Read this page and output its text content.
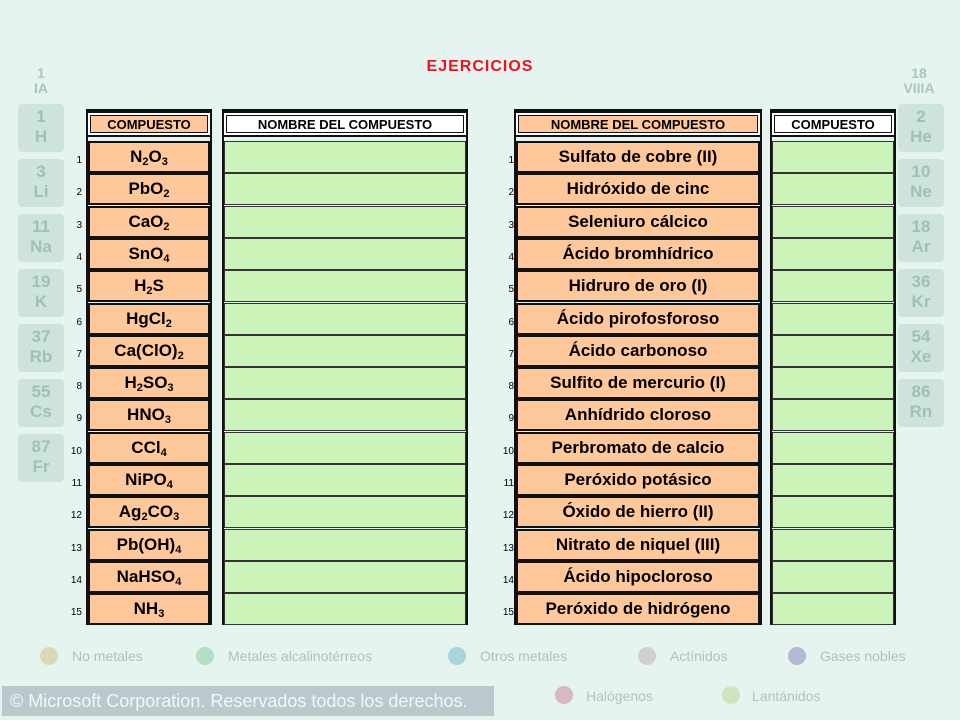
1
IA
18
VIIIA
1
H
3
Li
11
Na
19
K
37
Rb
55
Cs
87
Fr
2
He
10
Ne
18
Ar
36
Kr
54
Xe
86
Rn
No metales	Metales alcalinotérreos	Otros metales	Actínidos	Gases nobles
Halógenos	Lantánidos
© Microsoft Corporation. Reservados todos los derechos.
EJERCICIOS
COMPUESTO	NOMBRE DEL COMPUESTO	NOMBRE DEL COMPUESTO	COMPUESTO
1	$N_2O_3$	1	Sulfato de cobre (II)
2	PbO$_2$	2	Hidróxido de cinc
3	CaO$_2$	3	Seleniuro cálcico
4	SnO$_4$	4	Ácido bromhídrico
5	$H_2S$	5	Hidruro de oro (I)
6	HgCl$_2$	6	Ácido pirofosforoso
7	$Ca(ClO)_2$	7	Ácido carbonoso
8	$H_2SO_3$	8	Sulfito de mercurio (I)
9	$HNO_3$	9	Anhídrido cloroso
10	CCl$_4$	10	Perbromato de calcio
11	NiPO$_4$	11	Peróxido potásico
12	$Ag_2CO_3$	12	Óxido de hierro (II)
13	$Pb(OH)_4$	13	Nitrato de niquel (III)
14	NaHSO$_4$	14	Ácido hipocloroso
15	$NH_3$	15	Peróxido de hidrógeno
